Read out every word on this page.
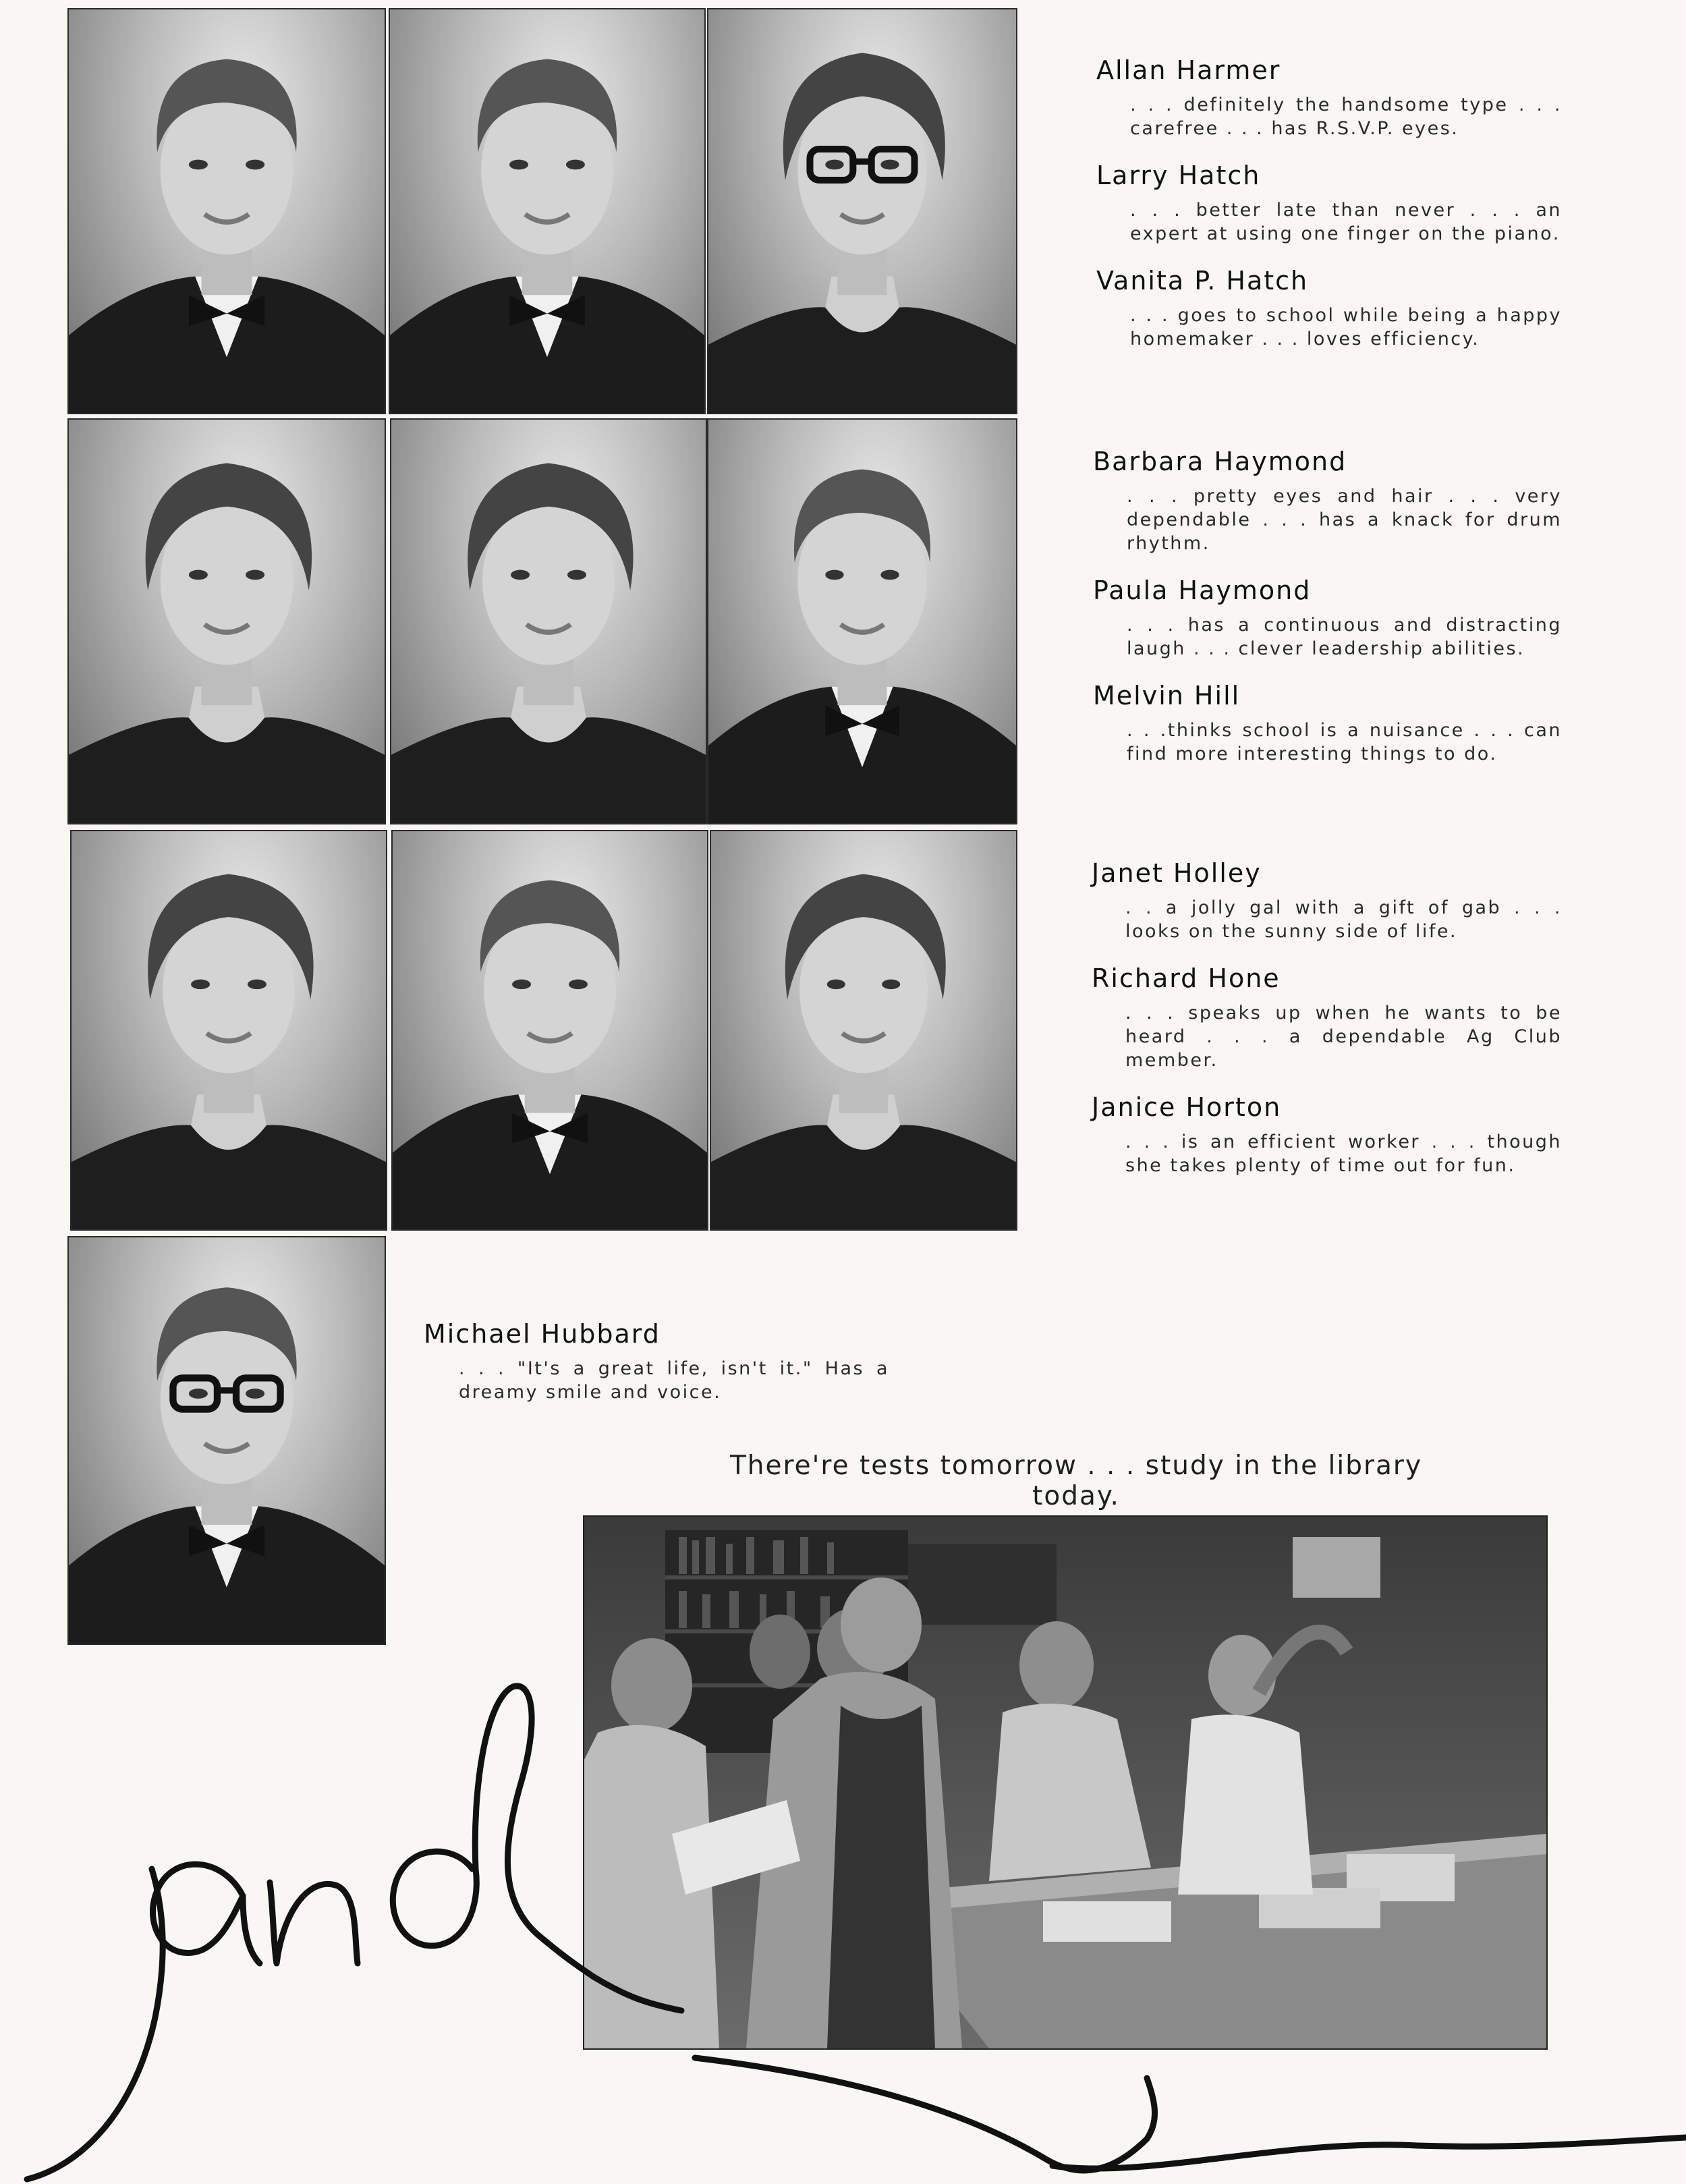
Allan Harmer
. . . definitely the handsome type . . . carefree . . . has R.S.V.P. eyes.
Larry Hatch
. . . better late than never . . . an expert at using one finger on the piano.
Vanita P. Hatch
. . . goes to school while being a happy homemaker . . . loves efficiency.
Barbara Haymond
. . . pretty eyes and hair . . . very dependable . . . has a knack for drum rhythm.
Paula Haymond
. . . has a continuous and distracting laugh . . . clever leadership abilities.
Melvin Hill
. . .thinks school is a nuisance . . . can find more interesting things to do.
Janet Holley
. . a jolly gal with a gift of gab . . . looks on the sunny side of life.
Richard Hone
. . . speaks up when he wants to be heard . . . a dependable Ag Club member.
Janice Horton
. . . is an efficient worker . . . though she takes plenty of time out for fun.
Michael Hubbard
. . . "It's a great life, isn't it." Has a dreamy smile and voice.
There're tests tomorrow . . . study in the library today.
